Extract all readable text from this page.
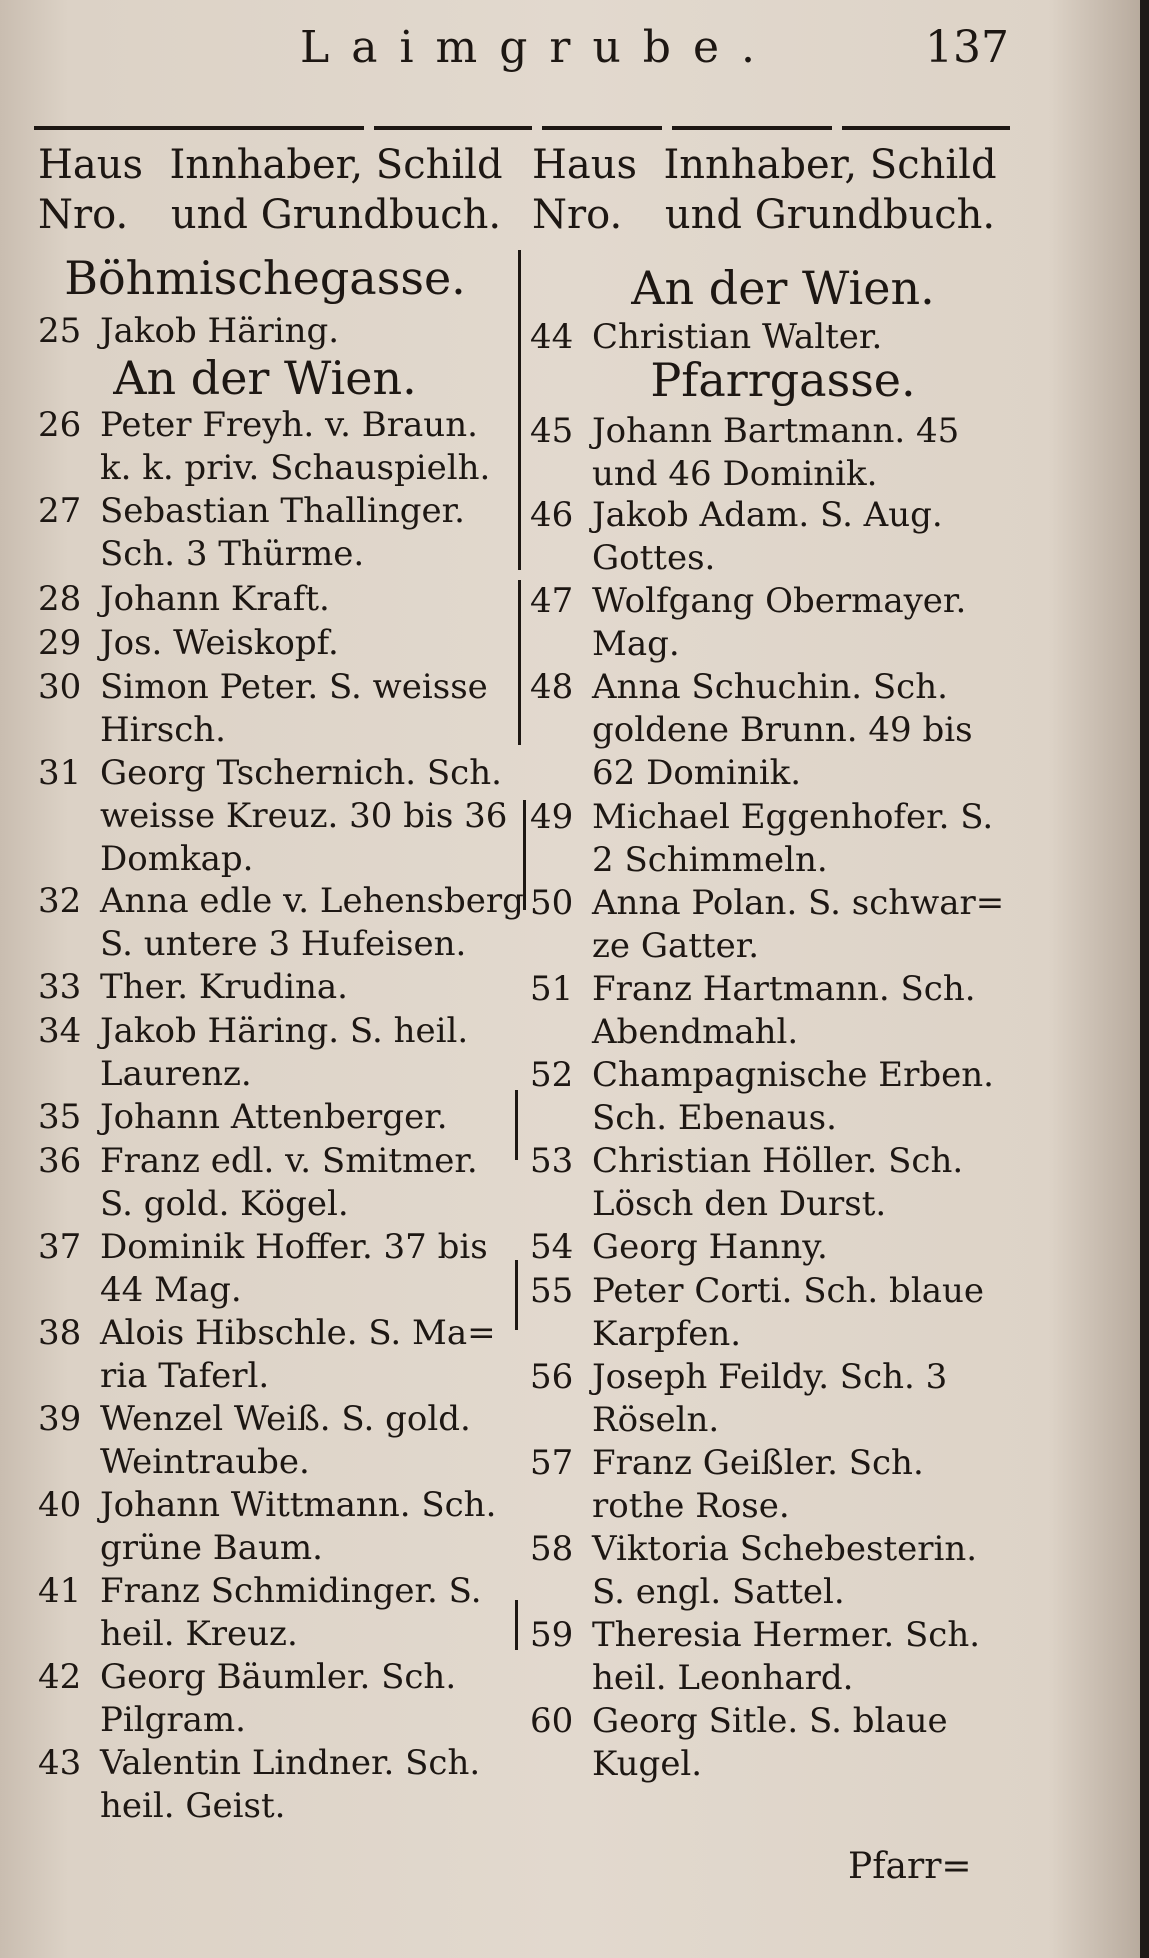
Laimgrube.	137
Haus
Nro.
Innhaber, Schild
und Grundbuch.
Haus
Nro.
Innhaber, Schild
und Grundbuch.
Böhmischegasse.
25 Jakob Häring.
An der Wien.
26 Peter Freyh. v. Braun.
k. k. priv. Schauspielh.
27 Sebastian Thallinger.
Sch. 3 Thürme.
28 Johann Kraft.
29 Jos. Weiskopf.
30 Simon Peter. S. weisse
Hirsch.
31 Georg Tschernich. Sch.
weisse Kreuz. 30 bis 36
Domkap.
32 Anna edle v. Lehensberg
S. untere 3 Hufeisen.
33 Ther. Krudina.
34 Jakob Häring. S. heil.
Laurenz.
35 Johann Attenberger.
36 Franz edl. v. Smitmer.
S. gold. Kögel.
37 Dominik Hoffer. 37 bis
44 Mag.
38 Alois Hibschle. S. Ma=
ria Taferl.
39 Wenzel Weiß. S. gold.
Weintraube.
40 Johann Wittmann. Sch.
grüne Baum.
41 Franz Schmidinger. S.
heil. Kreuz.
42 Georg Bäumler. Sch.
Pilgram.
43 Valentin Lindner. Sch.
heil. Geist.
An der Wien.
44 Christian Walter.
Pfarrgasse.
45 Johann Bartmann. 45
und 46 Dominik.
46 Jakob Adam. S. Aug.
Gottes.
47 Wolfgang Obermayer.
Mag.
48 Anna Schuchin. Sch.
goldene Brunn. 49 bis
62 Dominik.
49 Michael Eggenhofer. S.
2 Schimmeln.
50 Anna Polan. S. schwar=
ze Gatter.
51 Franz Hartmann. Sch.
Abendmahl.
52 Champagnische Erben.
Sch. Ebenaus.
53 Christian Höller. Sch.
Lösch den Durst.
54 Georg Hanny.
55 Peter Corti. Sch. blaue
Karpfen.
56 Joseph Feildy. Sch. 3
Röseln.
57 Franz Geißler. Sch.
rothe Rose.
58 Viktoria Schebesterin.
S. engl. Sattel.
59 Theresia Hermer. Sch.
heil. Leonhard.
60 Georg Sitle. S. blaue
Kugel.
Pfarr=
